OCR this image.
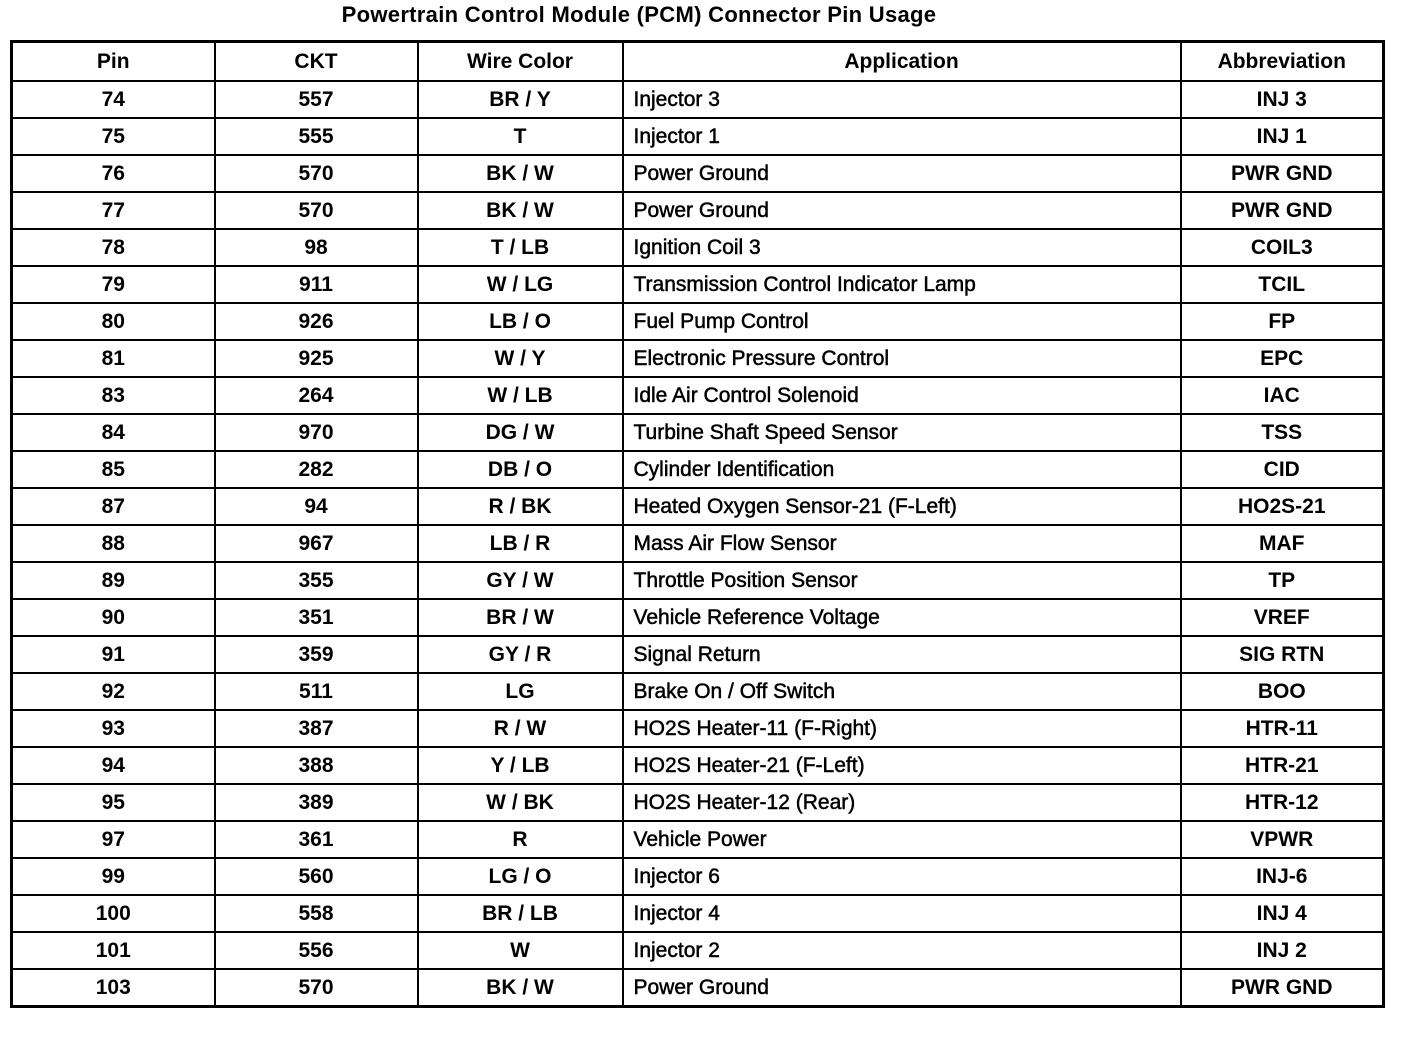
Powertrain Control Module (PCM) Connector Pin Usage
Pin	CKT	Wire Color	Application	Abbreviation
74	557	BR / Y	Injector 3	INJ 3
75	555	T	Injector 1	INJ 1
76	570	BK / W	Power Ground	PWR GND
77	570	BK / W	Power Ground	PWR GND
78	98	T / LB	Ignition Coil 3	COIL3
79	911	W / LG	Transmission Control Indicator Lamp	TCIL
80	926	LB / O	Fuel Pump Control	FP
81	925	W / Y	Electronic Pressure Control	EPC
83	264	W / LB	Idle Air Control Solenoid	IAC
84	970	DG / W	Turbine Shaft Speed Sensor	TSS
85	282	DB / O	Cylinder Identification	CID
87	94	R / BK	Heated Oxygen Sensor-21 (F-Left)	HO2S-21
88	967	LB / R	Mass Air Flow Sensor	MAF
89	355	GY / W	Throttle Position Sensor	TP
90	351	BR / W	Vehicle Reference Voltage	VREF
91	359	GY / R	Signal Return	SIG RTN
92	511	LG	Brake On / Off Switch	BOO
93	387	R / W	HO2S Heater-11 (F-Right)	HTR-11
94	388	Y / LB	HO2S Heater-21 (F-Left)	HTR-21
95	389	W / BK	HO2S Heater-12 (Rear)	HTR-12
97	361	R	Vehicle Power	VPWR
99	560	LG / O	Injector 6	INJ-6
100	558	BR / LB	Injector 4	INJ 4
101	556	W	Injector 2	INJ 2
103	570	BK / W	Power Ground	PWR GND
